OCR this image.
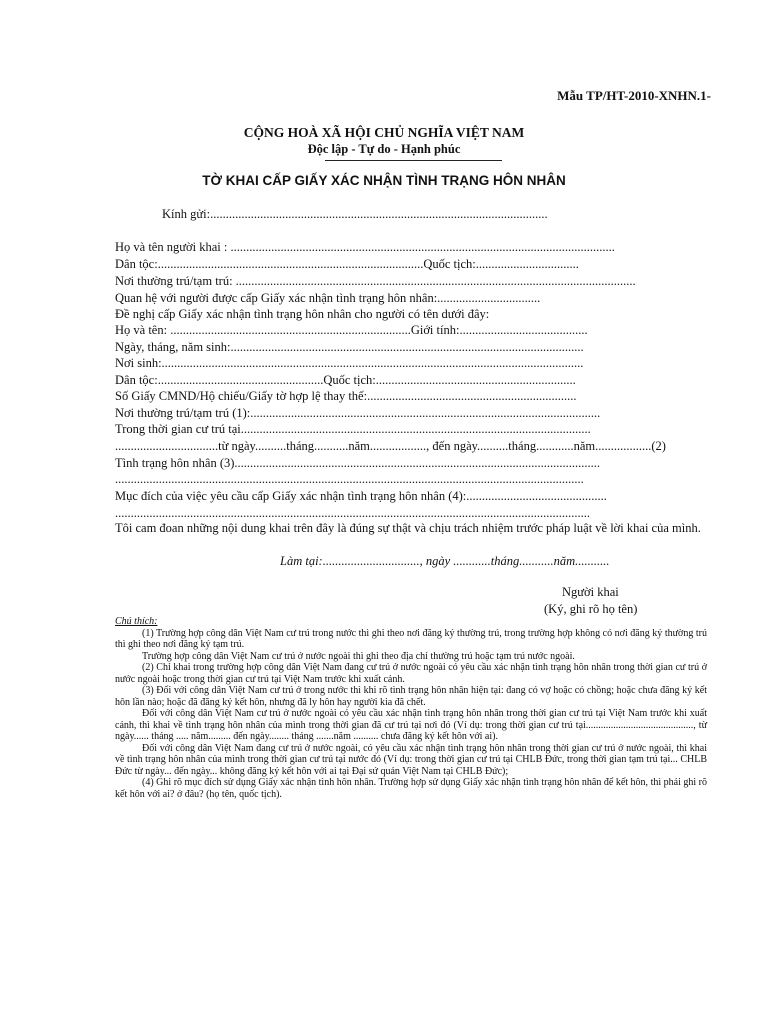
Mẫu TP/HT-2010-XNHN.1-
CỘNG HOÀ XÃ HỘI CHỦ NGHĨA VIỆT NAM
Độc lập - Tự do - Hạnh phúc
TỜ KHAI CẤP GIẤY XÁC NHẬN TÌNH TRẠNG HÔN NHÂN
Kính gửi:............................................................................................................
Họ và tên người khai : ...........................................................................................................................
Dân tộc:.....................................................................................Quốc tịch:.................................
Nơi thường trú/tạm trú: ................................................................................................................................
Quan hệ với người được cấp Giấy xác nhận tình trạng hôn nhân:.................................
Đề nghị cấp Giấy xác nhận tình trạng hôn nhân cho người có tên dưới đây:
Họ và tên: .............................................................................Giới tính:.........................................
Ngày, tháng, năm sinh:.................................................................................................................
Nơi sinh:.......................................................................................................................................
Dân tộc:.....................................................Quốc tịch:................................................................
Số Giấy CMND/Hộ chiếu/Giấy tờ hợp lệ thay thế:...................................................................
Nơi thường trú/tạm trú (1):................................................................................................................
Trong thời gian cư trú tại................................................................................................................
.................................từ ngày..........tháng...........năm.................., đến ngày..........tháng............năm..................(2)
Tình trạng hôn nhân (3).....................................................................................................................
......................................................................................................................................................
Mục đích của việc yêu cầu cấp Giấy xác nhận tình trạng hôn nhân (4):.............................................
........................................................................................................................................................
Tôi cam đoan những nội dung khai trên đây là đúng sự thật và chịu trách nhiệm trước pháp luật về lời khai của mình.
Làm tại:..............................., ngày ............tháng...........năm...........
Người khai
(Ký, ghi rõ họ tên)

Chú thích:

(1) Trường hợp công dân Việt Nam cư trú trong nước thì ghi theo nơi đăng ký thường trú, trong trường hợp không có nơi đăng ký thường trú thì ghi theo nơi đăng ký tạm trú.

Trường hợp công dân Việt Nam cư trú ở nước ngoài thì ghi theo địa chỉ thường trú hoặc tạm trú nước ngoài.

(2) Chỉ khai trong trường hợp công dân Việt Nam đang cư trú ở nước ngoài có yêu cầu xác nhận tình trạng hôn nhân trong thời gian cư trú ở nước ngoài hoặc trong thời gian cư trú tại Việt Nam trước khi xuất cảnh.

(3) Đối với công dân Việt Nam cư trú ở trong nước thì khi rõ tình trạng hôn nhân hiện tại: đang có vợ hoặc có chồng; hoặc chưa đăng ký kết hôn lần nào; hoặc đã đăng ký kết hôn, nhưng đã ly hôn hay người kia đã chết.

Đối với công dân Việt Nam cư trú ở nước ngoài có yêu cầu xác nhận tình trạng hôn nhân trong thời gian cư trú tại Việt Nam trước khi xuất cảnh, thì khai về tình trạng hôn nhân của mình trong thời gian đã cư trú tại nơi đó (Ví dụ: trong thời gian cư trú tại..........................................., từ ngày...... tháng ..... năm......... đến ngày........ tháng .......năm .......... chưa đăng ký kết hôn với ai).

Đối với công dân Việt Nam đang cư trú ở nước ngoài, có yêu cầu xác nhận tình trạng hôn nhân trong thời gian cư trú ở nước ngoài, thì khai về tình trạng hôn nhân của mình trong thời gian cư trú tại nước đó (Ví dụ: trong thời gian cư trú tại CHLB Đức, trong thời gian tạm trú tại... CHLB Đức từ ngày... đến ngày... không đăng ký kết hôn với ai tại Đại sứ quán Việt Nam tại CHLB Đức);

(4) Ghi rõ mục đích sử dụng Giấy xác nhận tình hôn nhân. Trường hợp sử dụng Giấy xác nhận tình trạng hôn nhân để kết hôn, thì phải ghi rõ kết hôn với ai? ở đâu? (họ tên, quốc tịch).
